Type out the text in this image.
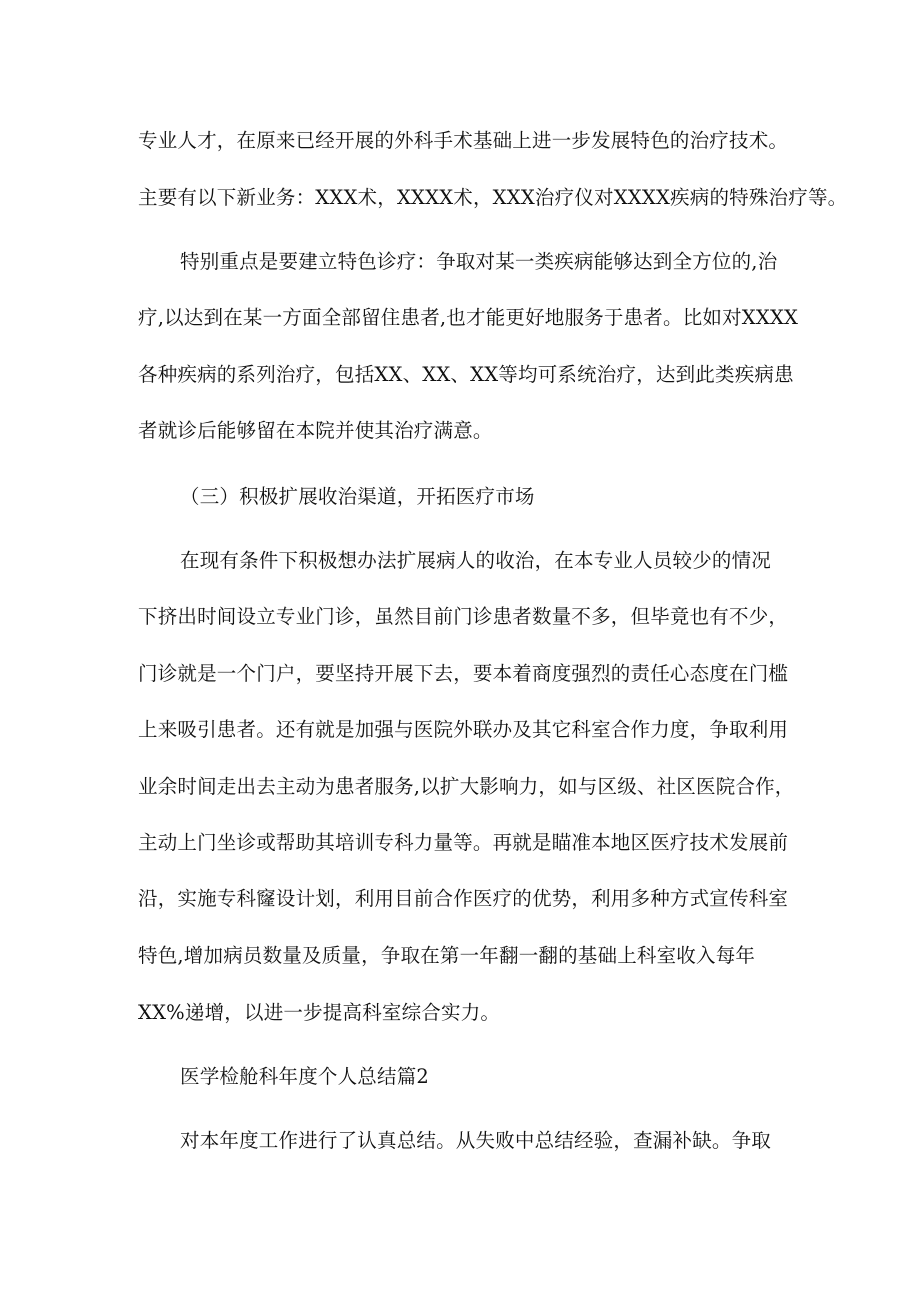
专业人才，在原来已经开展的外科手术基础上进一步发展特色的治疗技术。
主要有以下新业务：XXX术，XXXX术，XXX治疗仪对XXXX疾病的特殊治疗等。
特别重点是要建立特色诊疗：争取对某一类疾病能够达到全方位的,治
疗,以达到在某一方面全部留住患者,也才能更好地服务于患者。比如对XXXX
各种疾病的系列治疗，包括XX、XX、XX等均可系统治疗，达到此类疾病患
者就诊后能够留在本院并使其治疗满意。
（三）积极扩展收治渠道，开拓医疗市场
在现有条件下积极想办法扩展病人的收治，在本专业人员较少的情况
下挤出时间设立专业门诊，虽然目前门诊患者数量不多，但毕竟也有不少，
门诊就是一个门户，要坚持开展下去，要本着商度强烈的责任心态度在门槛
上来吸引患者。还有就是加强与医院外联办及其它科室合作力度，争取利用
业余时间走出去主动为患者服务,以扩大影响力，如与区级、社区医院合作，
主动上门坐诊或帮助其培训专科力量等。再就是瞄准本地区医疗技术发展前
沿，实施专科窿设计划，利用目前合作医疗的优势，利用多种方式宣传科室
特色,增加病员数量及质量，争取在第一年翻一翻的基础上科室收入每年
XX%递增，以进一步提高科室综合实力。
医学检舱科年度个人总结篇2
对本年度工作进行了认真总结。从失败中总结经验，查漏补缺。争取
